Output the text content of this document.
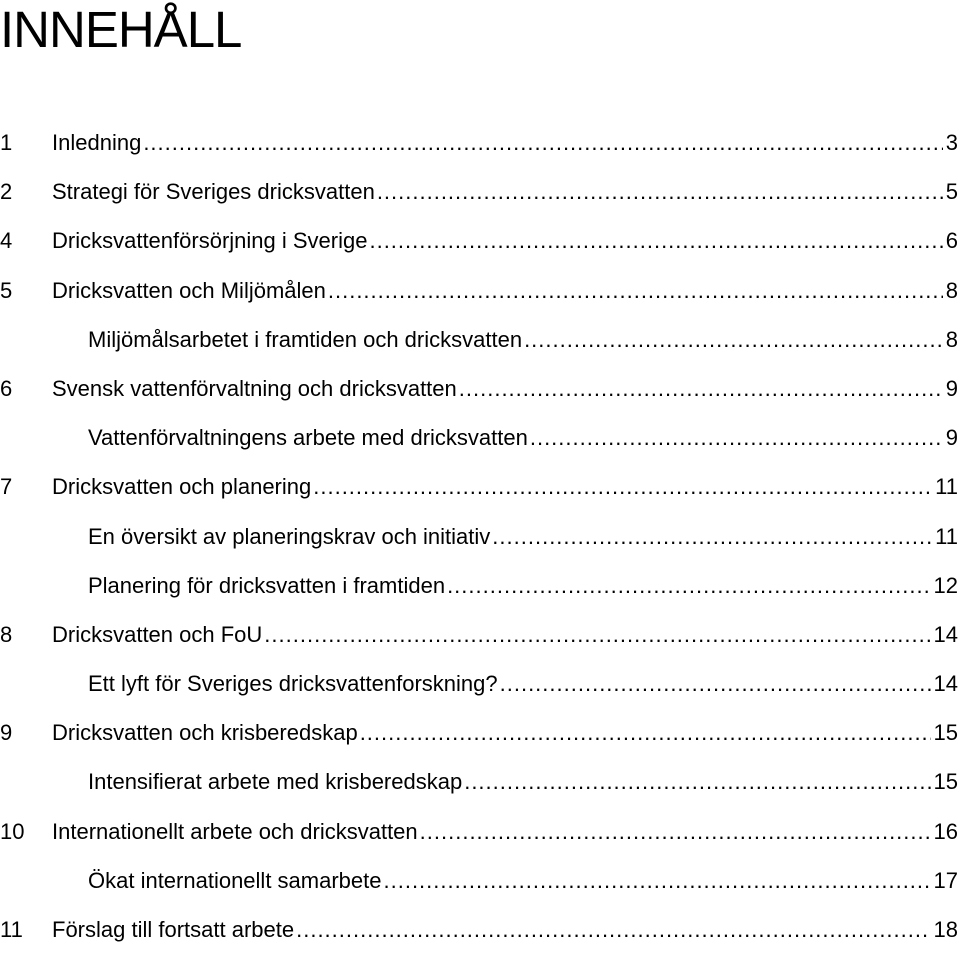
INNEHÅLL
1	Inledning .....	3
2	Strategi för Sveriges dricksvatten .....	5
4	Dricksvattenförsörjning i Sverige .....	6
5	Dricksvatten och Miljömålen .....	8
Miljömålsarbetet i framtiden och dricksvatten .....	8
6	Svensk vattenförvaltning och dricksvatten .....	9
Vattenförvaltningens arbete med dricksvatten .....	9
7	Dricksvatten och planering .....	11
En översikt av planeringskrav och initiativ .....	11
Planering för dricksvatten i framtiden .....	12
8	Dricksvatten och FoU .....	14
Ett lyft för Sveriges dricksvattenforskning? .....	14
9	Dricksvatten och krisberedskap .....	15
Intensifierat arbete med krisberedskap .....	15
10	Internationellt arbete och dricksvatten .....	16
Ökat internationellt samarbete .....	17
11	Förslag till fortsatt arbete .....	18
